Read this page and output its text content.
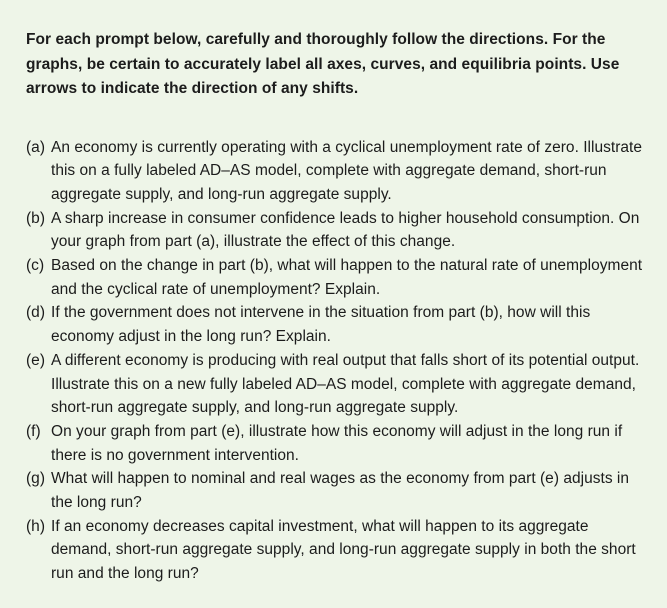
For each prompt below, carefully and thoroughly follow the directions. For the graphs, be certain to accurately label all axes, curves, and equilibria points. Use arrows to indicate the direction of any shifts.

(a) An economy is currently operating with a cyclical unemployment rate of zero. Illustrate this on a fully labeled AD–AS model, complete with aggregate demand, short-run aggregate supply, and long-run aggregate supply.
(b) A sharp increase in consumer confidence leads to higher household consumption. On your graph from part (a), illustrate the effect of this change.
(c) Based on the change in part (b), what will happen to the natural rate of unemployment and the cyclical rate of unemployment? Explain.
(d) If the government does not intervene in the situation from part (b), how will this economy adjust in the long run? Explain.
(e) A different economy is producing with real output that falls short of its potential output. Illustrate this on a new fully labeled AD–AS model, complete with aggregate demand, short-run aggregate supply, and long-run aggregate supply.
(f) On your graph from part (e), illustrate how this economy will adjust in the long run if there is no government intervention.
(g) What will happen to nominal and real wages as the economy from part (e) adjusts in the long run?
(h) If an economy decreases capital investment, what will happen to its aggregate demand, short-run aggregate supply, and long-run aggregate supply in both the short run and the long run?
